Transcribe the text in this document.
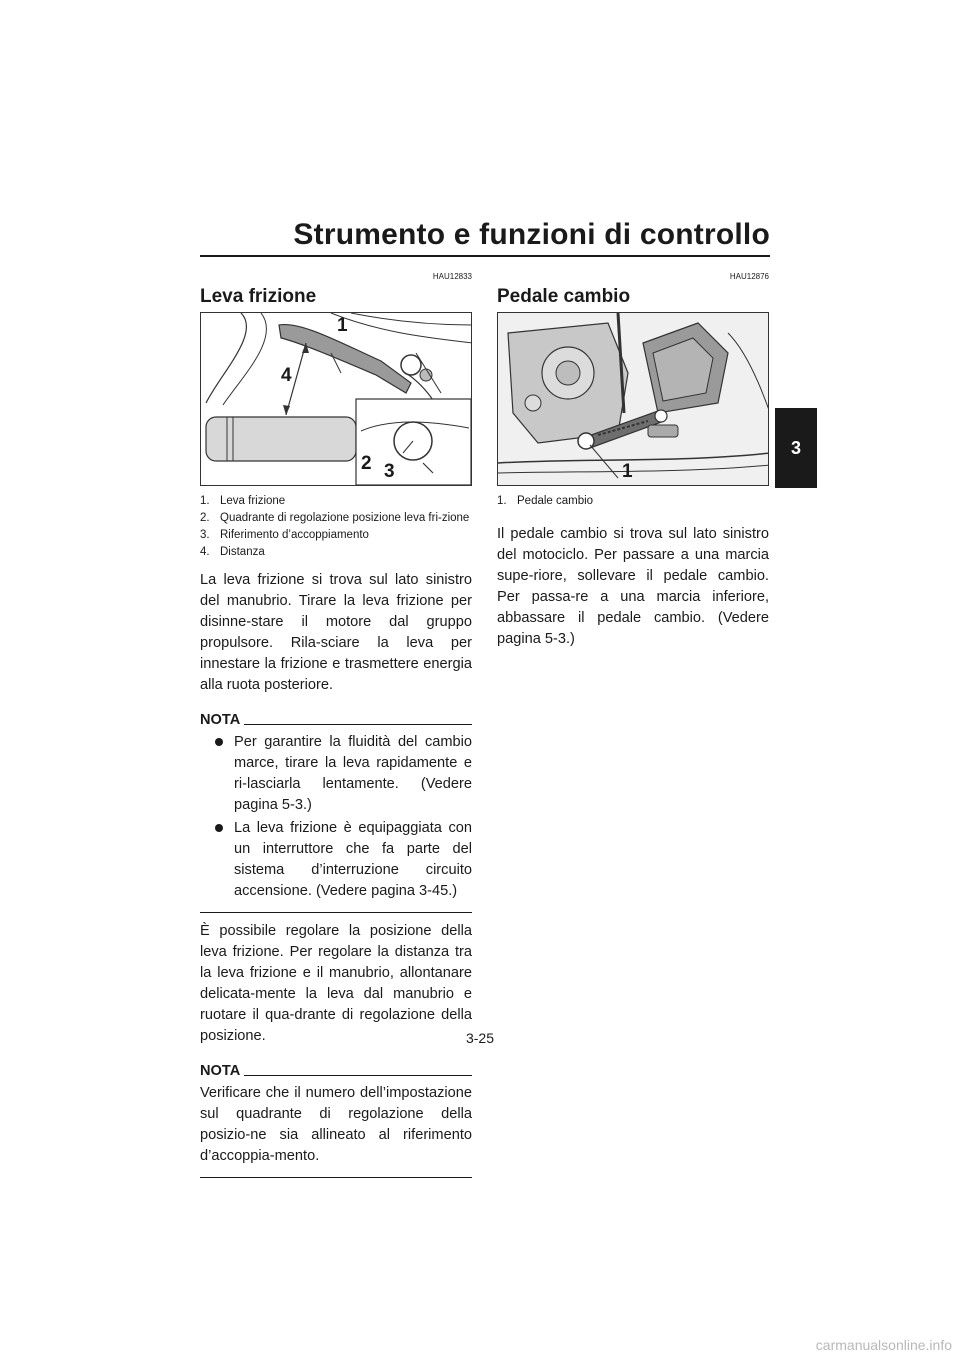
Strumento e funzioni di controllo
3
HAU12833
Leva frizione
1
4
2 3
1. Leva frizione
2. Quadrante di regolazione posizione leva fri-zione
3. Riferimento d’accoppiamento
4. Distanza

La leva frizione si trova sul lato sinistro del manubrio. Tirare la leva frizione per disinne-stare il motore dal gruppo propulsore. Rila-sciare la leva per innestare la frizione e trasmettere energia alla ruota posteriore.

NOTA
Per garantire la fluidità del cambio marce, tirare la leva rapidamente e ri-lasciarla lentamente. (Vedere pagina 5-3.)
La leva frizione è equipaggiata con un interruttore che fa parte del sistema d’interruzione circuito accensione. (Vedere pagina 3-45.)

È possibile regolare la posizione della leva frizione. Per regolare la distanza tra la leva frizione e il manubrio, allontanare delicata-mente la leva dal manubrio e ruotare il qua-drante di regolazione della posizione.

NOTA

Verificare che il numero dell’impostazione sul quadrante di regolazione della posizio-ne sia allineato al riferimento d’accoppia-mento.

HAU12876
Pedale cambio
1
1. Pedale cambio

Il pedale cambio si trova sul lato sinistro del motociclo. Per passare a una marcia supe-riore, sollevare il pedale cambio. Per passa-re a una marcia inferiore, abbassare il pedale cambio. (Vedere pagina 5-3.)

3-25
carmanualsonline.info
